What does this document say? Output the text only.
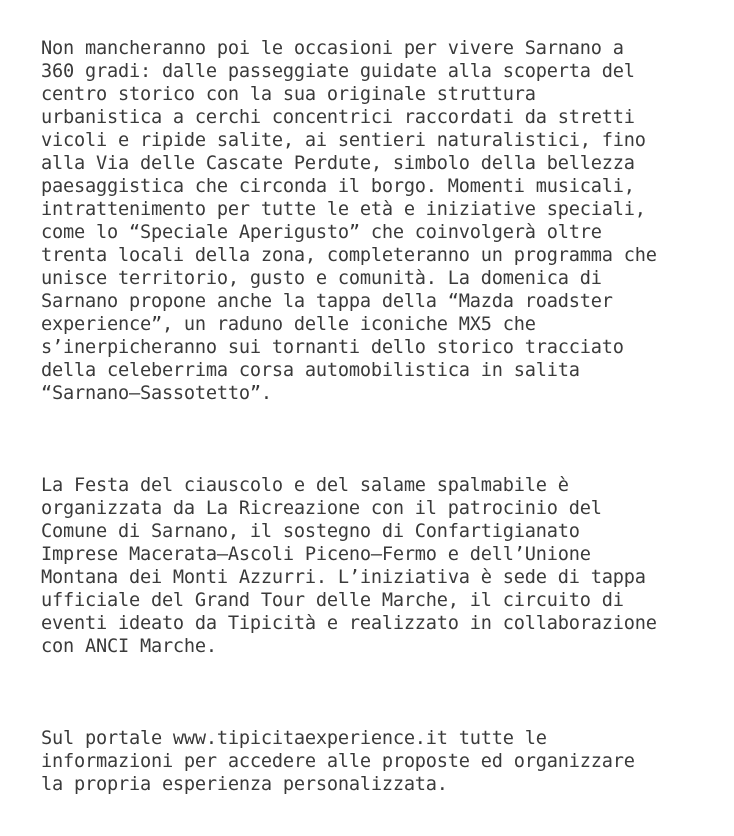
Non mancheranno poi le occasioni per vivere Sarnano a
360 gradi: dalle passeggiate guidate alla scoperta del
centro storico con la sua originale struttura
urbanistica a cerchi concentrici raccordati da stretti
vicoli e ripide salite, ai sentieri naturalistici, fino
alla Via delle Cascate Perdute, simbolo della bellezza
paesaggistica che circonda il borgo. Momenti musicali,
intrattenimento per tutte le età e iniziative speciali,
come lo “Speciale Aperigusto” che coinvolgerà oltre
trenta locali della zona, completeranno un programma che
unisce territorio, gusto e comunità. La domenica di
Sarnano propone anche la tappa della “Mazda roadster
experience”, un raduno delle iconiche MX5 che
s’inerpicheranno sui tornanti dello storico tracciato
della celeberrima corsa automobilistica in salita
“Sarnano–Sassotetto”.

La Festa del ciauscolo e del salame spalmabile è
organizzata da La Ricreazione con il patrocinio del
Comune di Sarnano, il sostegno di Confartigianato
Imprese Macerata–Ascoli Piceno–Fermo e dell’Unione
Montana dei Monti Azzurri. L’iniziativa è sede di tappa
ufficiale del Grand Tour delle Marche, il circuito di
eventi ideato da Tipicità e realizzato in collaborazione
con ANCI Marche.

Sul portale www.tipicitaexperience.it tutte le
informazioni per accedere alle proposte ed organizzare
la propria esperienza personalizzata.
